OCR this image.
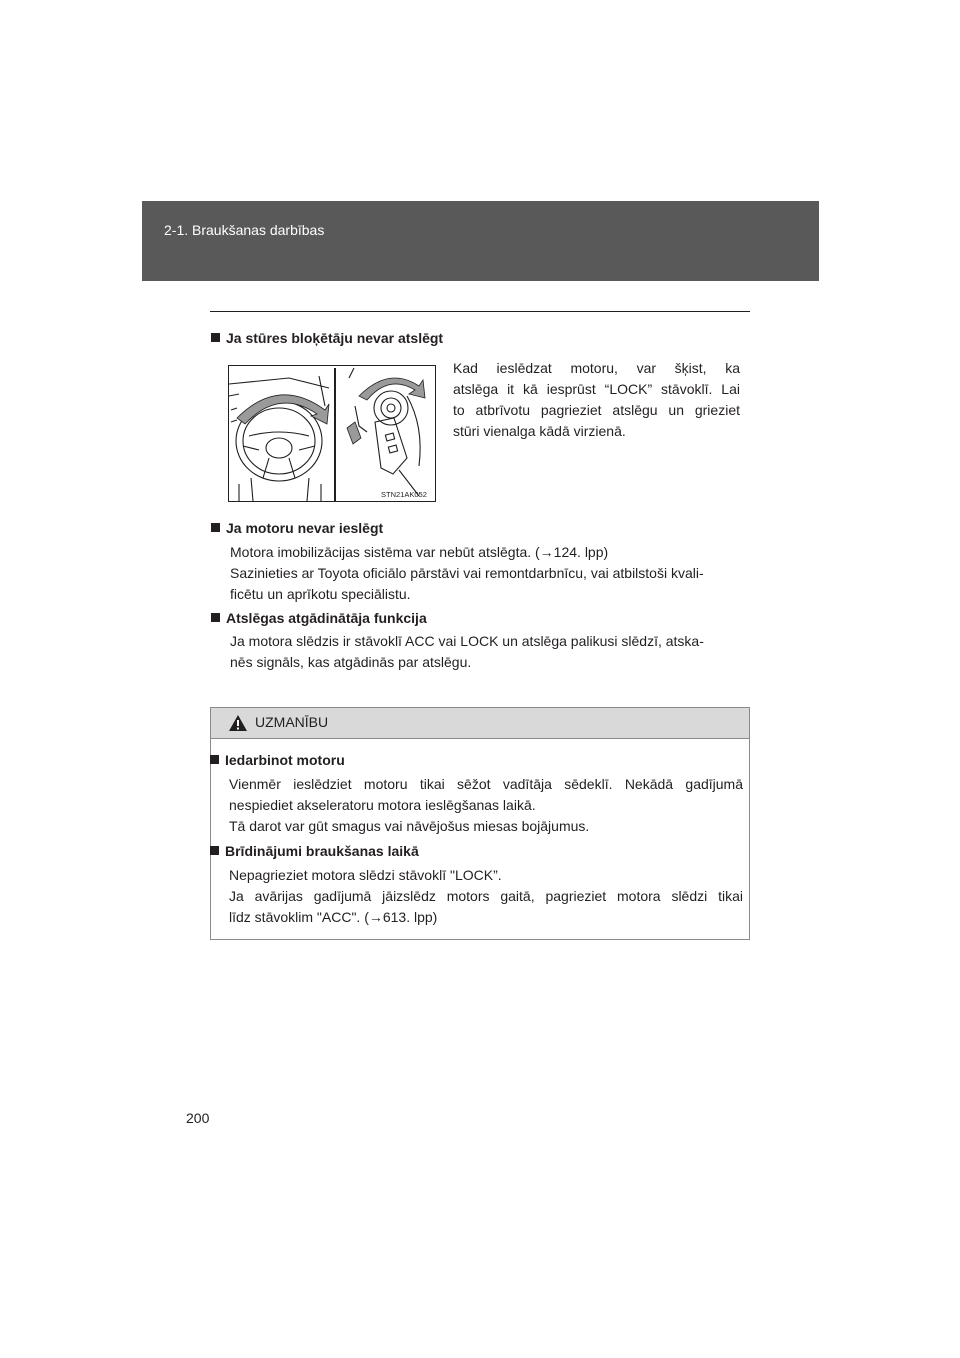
2-1. Braukšanas darbības
Ja stūres bloķētāju nevar atslēgt
STN21AK052
Kad ieslēdzat motoru, var šķist, ka
atslēga it kā iesprūst “LOCK” stāvoklī. Lai
to atbrīvotu pagrieziet atslēgu un grieziet
stūri vienalga kādā virzienā.
Ja motoru nevar ieslēgt
Motora imobilizācijas sistēma var nebūt atslēgta. (→124. lpp)
Sazinieties ar Toyota oficiālo pārstāvi vai remontdarbnīcu, vai atbilstoši kvali-
ficētu un aprīkotu speciālistu.
Atslēgas atgādinātāja funkcija
Ja motora slēdzis ir stāvoklī ACC vai LOCK un atslēga palikusi slēdzī, atska-
nēs signāls, kas atgādinās par atslēgu.
UZMANĪBU
Iedarbinot motoru
Vienmēr ieslēdziet motoru tikai sēžot vadītāja sēdeklī. Nekādā gadījumā
nespiediet akseleratoru motora ieslēgšanas laikā.
Tā darot var gūt smagus vai nāvējošus miesas bojājumus.
Brīdinājumi braukšanas laikā
Nepagrieziet motora slēdzi stāvoklī "LOCK”.
Ja avārijas gadījumā jāizslēdz motors gaitā, pagrieziet motora slēdzi tikai
līdz stāvoklim "ACC". (→613. lpp)
200
